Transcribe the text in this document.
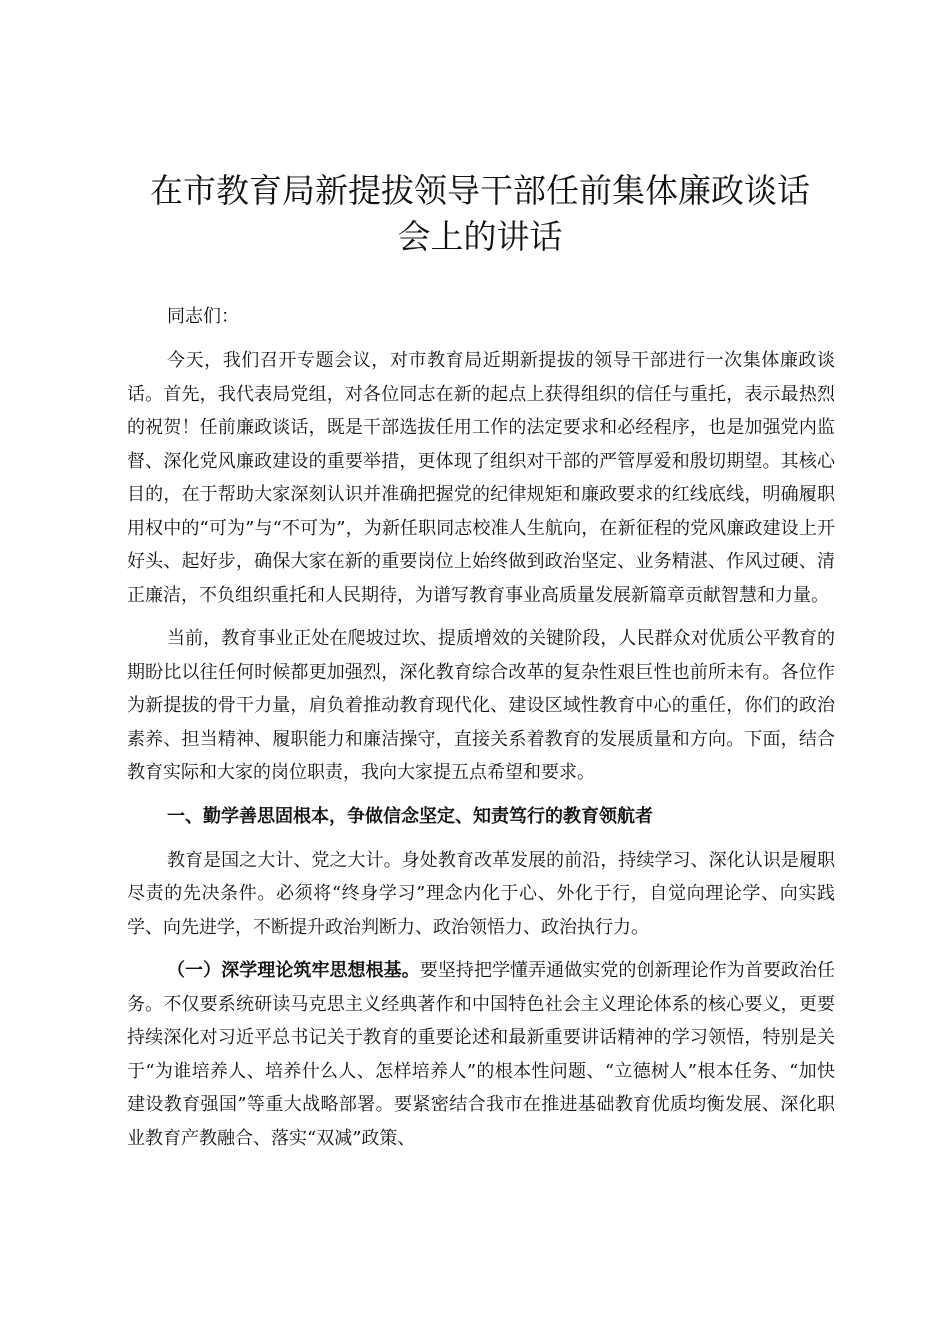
在市教育局新提拔领导干部任前集体廉政谈话
会上的讲话

同志们：

今天，我们召开专题会议，对市教育局近期新提拔的领导干部进行一次集体廉政谈话。首先，我代表局党组，对各位同志在新的起点上获得组织的信任与重托，表示最热烈的祝贺！任前廉政谈话，既是干部选拔任用工作的法定要求和必经程序，也是加强党内监督、深化党风廉政建设的重要举措，更体现了组织对干部的严管厚爱和殷切期望。其核心目的，在于帮助大家深刻认识并准确把握党的纪律规矩和廉政要求的红线底线，明确履职用权中的“可为”与“不可为”，为新任职同志校准人生航向，在新征程的党风廉政建设上开好头、起好步，确保大家在新的重要岗位上始终做到政治坚定、业务精湛、作风过硬、清正廉洁，不负组织重托和人民期待，为谱写教育事业高质量发展新篇章贡献智慧和力量。

当前，教育事业正处在爬坡过坎、提质增效的关键阶段，人民群众对优质公平教育的期盼比以往任何时候都更加强烈，深化教育综合改革的复杂性艰巨性也前所未有。各位作为新提拔的骨干力量，肩负着推动教育现代化、建设区域性教育中心的重任，你们的政治素养、担当精神、履职能力和廉洁操守，直接关系着教育的发展质量和方向。下面，结合教育实际和大家的岗位职责，我向大家提五点希望和要求。

一、勤学善思固根本，争做信念坚定、知责笃行的教育领航者

教育是国之大计、党之大计。身处教育改革发展的前沿，持续学习、深化认识是履职尽责的先决条件。必须将“终身学习”理念内化于心、外化于行，自觉向理论学、向实践学、向先进学，不断提升政治判断力、政治领悟力、政治执行力。

（一）深学理论筑牢思想根基。要坚持把学懂弄通做实党的创新理论作为首要政治任务。不仅要系统研读马克思主义经典著作和中国特色社会主义理论体系的核心要义，更要持续深化对习近平总书记关于教育的重要论述和最新重要讲话精神的学习领悟，特别是关于“为谁培养人、培养什么人、怎样培养人”的根本性问题、“立德树人”根本任务、“加快建设教育强国”等重大战略部署。要紧密结合我市在推进基础教育优质均衡发展、深化职业教育产教融合、落实“双减”政策、
